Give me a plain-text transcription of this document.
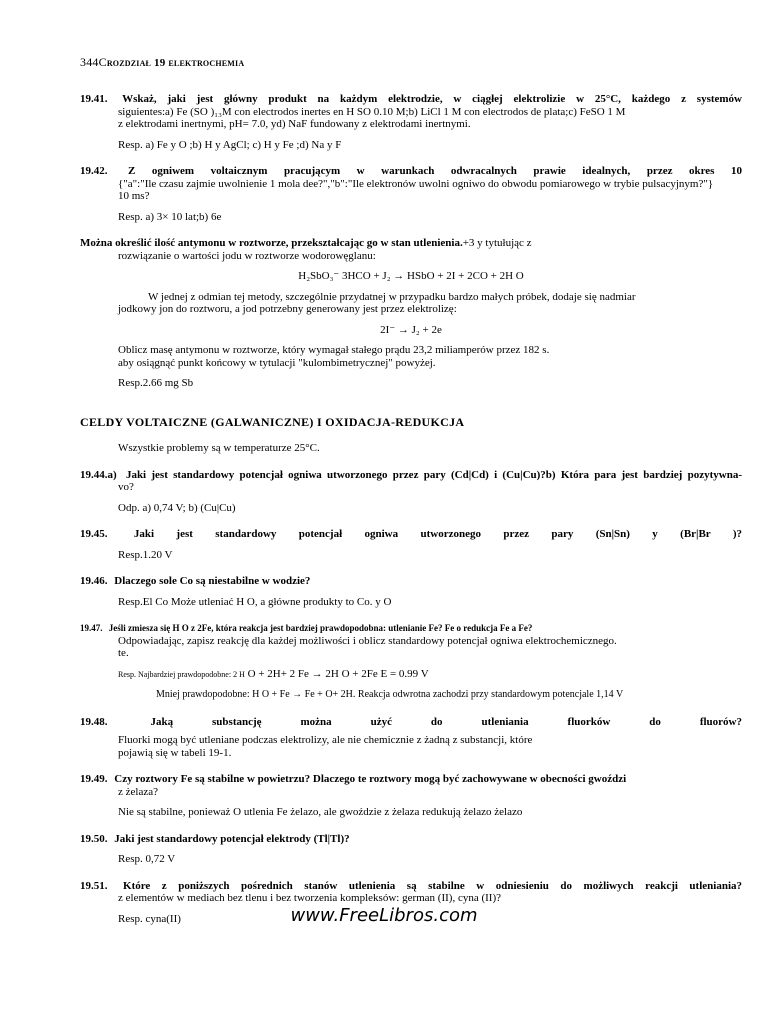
344Crozdział 19 elektrochemia
19.41. Wskaż, jaki jest główny produkt na każdym elektrodzie, w ciągłej elektrolizie w 25°C, każdego z systemów
siguientes:a) Fe (SO )₁₃M con electrodos inertes en H SO 0.10 M;b) LiCl 1 M con electrodos de plata;c) FeSO 1 M
z elektrodami inertnymi, pH= 7.0, yd) NaF fundowany z elektrodami inertnymi.
Resp. a) Fe y O ;b) H y AgCl; c) H y Fe ;d) Na y F
19.42. Z ogniwem voltaicznym pracującym w warunkach odwracalnych prawie idealnych, przez okres 10
{"a":"Ile czasu zajmie uwolnienie 1 mola dee?","b":"Ile elektronów uwolni ogniwo do obwodu pomiarowego w trybie pulsacyjnym?"}
10 ms?
Resp. a) 3× 10 lat;b) 6e
Można określić ilość antymonu w roztworze, przekształcając go w stan utlenienia.+3 y tytułując z
rozwiązanie o wartości jodu w roztworze wodorowęglanu:
H₂SbO₃⁻ 3HCO + J₂ → HSbO + 2I + 2CO + 2H O
W jednej z odmian tej metody, szczególnie przydatnej w przypadku bardzo małych próbek, dodaje się nadmiar
jodkowy jon do roztworu, a jod potrzebny generowany jest przez elektrolizę:
2I⁻ → J₂ + 2e
Oblicz masę antymonu w roztworze, który wymagał stałego prądu 23,2 miliamperów przez 182 s.
aby osiągnąć punkt końcowy w tytulacji "kulombimetrycznej" powyżej.
Resp.2.66 mg Sb
CELDY VOLTAICZNE (GALWANICZNE) I OXIDACJA-REDUKCJA
Wszystkie problemy są w temperaturze 25°C.
19.44.a) Jaki jest standardowy potencjał ogniwa utworzonego przez pary (Cd|Cd) i (Cu|Cu)?b) Która para jest bardziej pozytywna-
vo?
Odp. a) 0,74 V; b) (Cu|Cu)
19.45. Jaki jest standardowy potencjał ogniwa utworzonego przez pary (Sn|Sn) y (Br|Br )?
Resp.1.20 V
19.46. Dlaczego sole Co są niestabilne w wodzie?
Resp.El Co Może utleniać H O, a główne produkty to Co. y O
19.47. Jeśli zmiesza się H O z 2Fe, która reakcja jest bardziej prawdopodobna: utlenianie Fe? Fe o redukcja Fe a Fe?
Odpowiadając, zapisz reakcję dla każdej możliwości i oblicz standardowy potencjał ogniwa elektrochemicznego.
te.
Resp. Najbardziej prawdopodobne: 2 H O + 2H+ 2 Fe → 2H O + 2Fe E = 0.99 V
Mniej prawdopodobne: H O + Fe → Fe + O+ 2H. Reakcja odwrotna zachodzi przy standardowym potencjale 1,14 V
19.48.	Jaką substancję można użyć do utleniania fluorków do fluorów?
Fluorki mogą być utleniane podczas elektrolizy, ale nie chemicznie z żadną z substancji, które
pojawią się w tabeli 19-1.
19.49. Czy roztwory Fe są stabilne w powietrzu? Dlaczego te roztwory mogą być zachowywane w obecności gwoździ
z żelaza?
Nie są stabilne, ponieważ O utlenia Fe żelazo, ale gwoździe z żelaza redukują żelazo żelazo
19.50. Jaki jest standardowy potencjał elektrody (Tl|Tl)?
Resp. 0,72 V
19.51. Które z poniższych pośrednich stanów utlenienia są stabilne w odniesieniu do możliwych reakcji utleniania?
z elementów w mediach bez tlenu i bez tworzenia kompleksów: german (II), cyna (II)?
Resp. cyna(II)	www.FreeLibros.com
